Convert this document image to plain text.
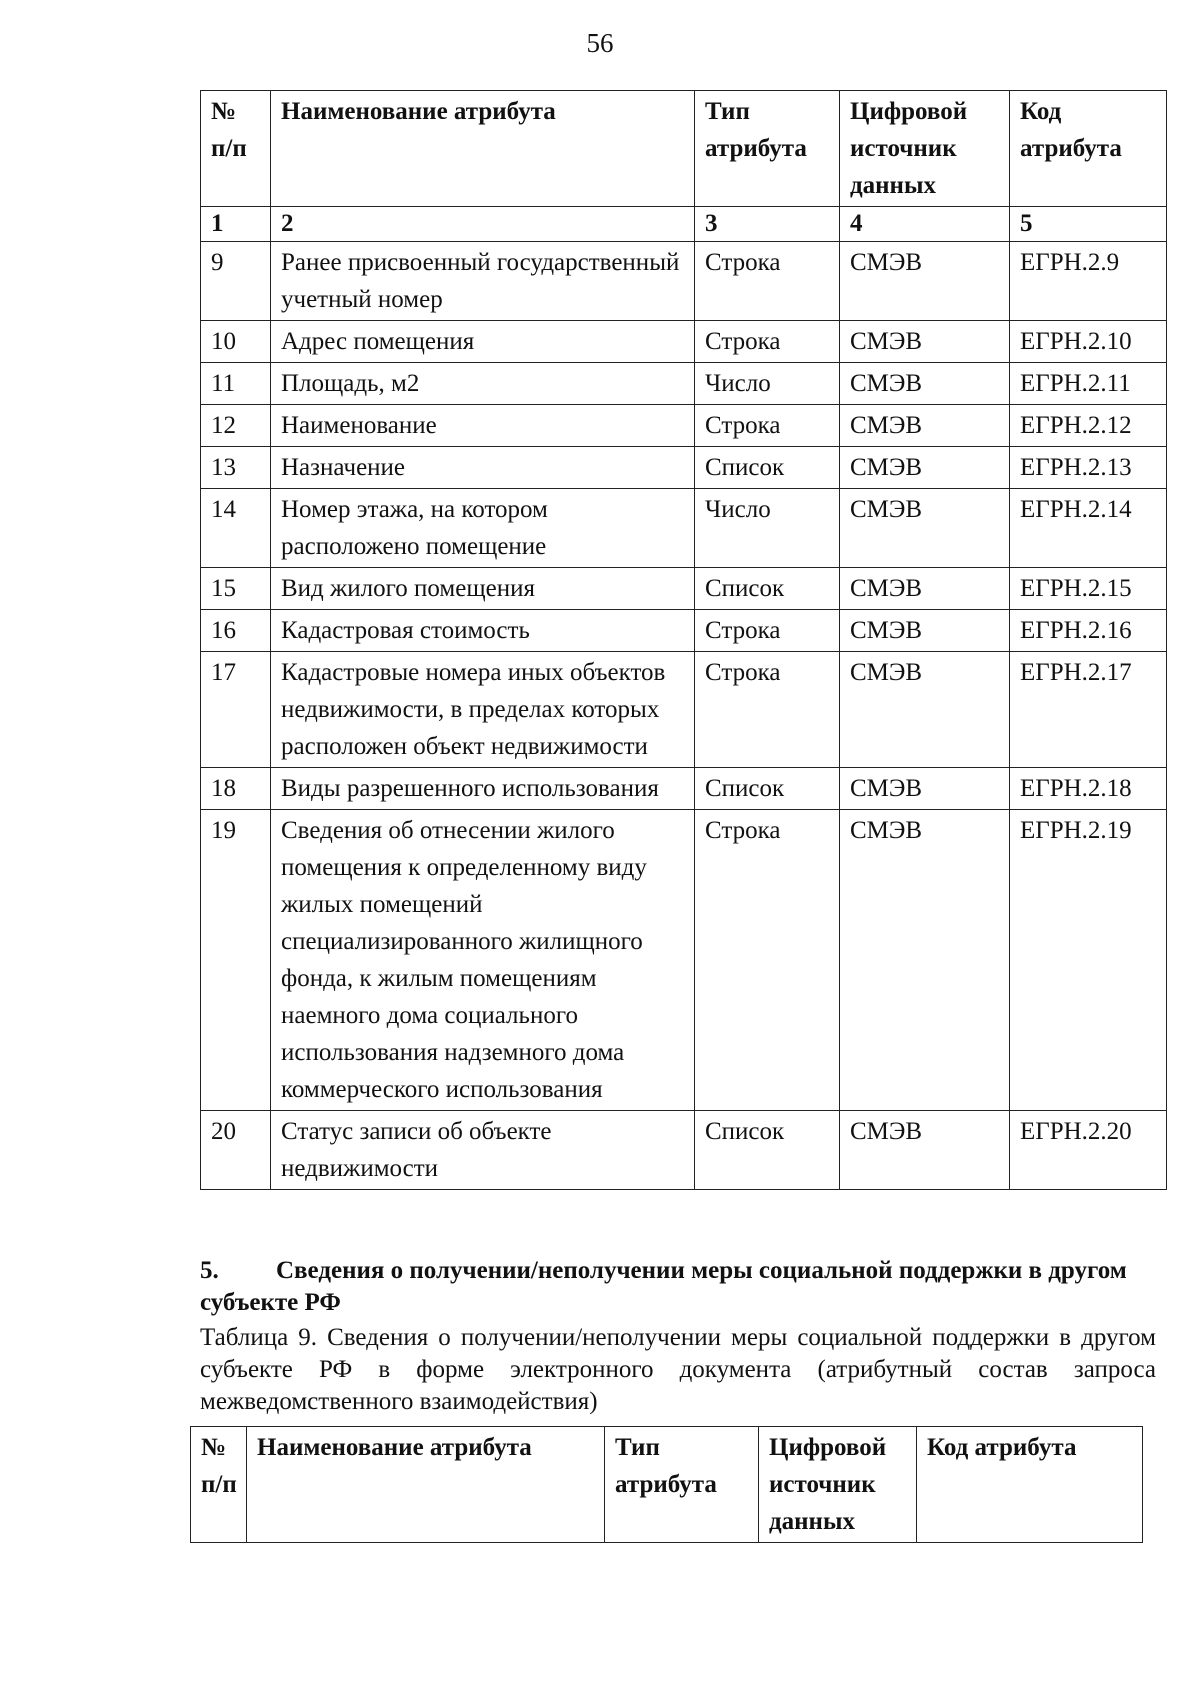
56
№ п/п	Наименование атрибута	Тип атрибута	Цифровой источник данных	Код атрибута
1	2	3	4	5
9	Ранее присвоенный государственный учетный номер	Строка	СМЭВ	ЕГРН.2.9
10	Адрес помещения	Строка	СМЭВ	ЕГРН.2.10
11	Площадь, м2	Число	СМЭВ	ЕГРН.2.11
12	Наименование	Строка	СМЭВ	ЕГРН.2.12
13	Назначение	Список	СМЭВ	ЕГРН.2.13
14	Номер этажа, на котором расположено помещение	Число	СМЭВ	ЕГРН.2.14
15	Вид жилого помещения	Список	СМЭВ	ЕГРН.2.15
16	Кадастровая стоимость	Строка	СМЭВ	ЕГРН.2.16
17	Кадастровые номера иных объектов недвижимости, в пределах которых расположен объект недвижимости	Строка	СМЭВ	ЕГРН.2.17
18	Виды разрешенного использования	Список	СМЭВ	ЕГРН.2.18
19	Сведения об отнесении жилого помещения к определенному виду жилых помещений специализированного жилищного фонда, к жилым помещениям наемного дома социального использования надземного дома коммерческого использования	Строка	СМЭВ	ЕГРН.2.19
20	Статус записи об объекте недвижимости	Список	СМЭВ	ЕГРН.2.20
5. Сведения о получении/неполучении меры социальной поддержки в другом субъекте РФ
Таблица 9. Сведения о получении/неполучении меры социальной поддержки в другом субъекте РФ в форме электронного документа (атрибутный состав запроса межведомственного взаимодействия)
№ п/п	Наименование атрибута	Тип атрибута	Цифровой источник данных	Код атрибута
